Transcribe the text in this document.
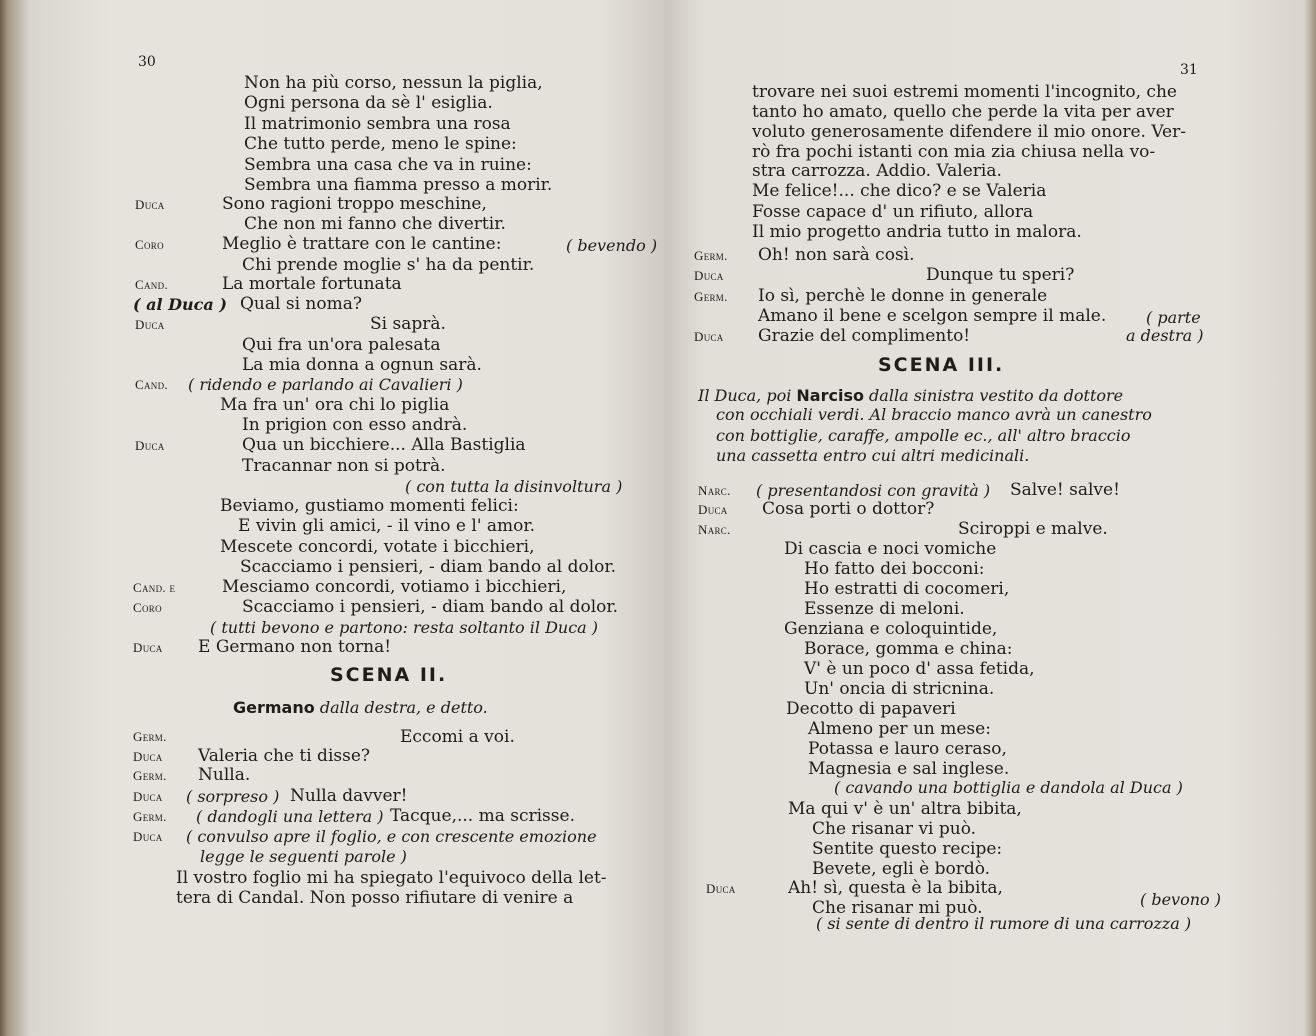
30
Non ha più corso, nessun la piglia,
Ogni persona da sè l' esiglia.
Il matrimonio sembra una rosa
Che tutto perde, meno le spine:
Sembra una casa che va in ruine:
Sembra una fiamma presso a morir.
Duca	Sono ragioni troppo meschine,
Che non mi fanno che divertir.
Coro	Meglio è trattare con le cantine:	( bevendo )
Chi prende moglie s' ha da pentir.
Cand.	La mortale fortunata
( al Duca ) Qual si noma?
Duca	Si saprà.
Qui fra un'ora palesata
La mia donna a ognun sarà.
Cand. ( ridendo e parlando ai Cavalieri )
Ma fra un' ora chi lo piglia
In prigion con esso andrà.
Duca	Qua un bicchiere... Alla Bastiglia
Tracannar non si potrà.
( con tutta la disinvoltura )
Beviamo, gustiamo momenti felici:
E vivin gli amici, - il vino e l' amor.
Mescete concordi, votate i bicchieri,
Scacciamo i pensieri, - diam bando al dolor.
Cand. e	Mesciamo concordi, votiamo i bicchieri,
Coro	Scacciamo i pensieri, - diam bando al dolor.
( tutti bevono e partono: resta soltanto il Duca )
Duca E Germano non torna!
SCENA II.
Germano dalla destra, e detto.
Germ.	Eccomi a voi.
Duca Valeria che ti disse?
Germ. Nulla.
Duca ( sorpreso ) Nulla davver!
Germ. ( dandogli una lettera ) Tacque,... ma scrisse.
Duca ( convulso apre il foglio, e con crescente emozione
legge le seguenti parole )
Il vostro foglio mi ha spiegato l'equivoco della let-
tera di Candal. Non posso rifiutare di venire a
31
trovare nei suoi estremi momenti l'incognito, che
tanto ho amato, quello che perde la vita per aver
voluto generosamente difendere il mio onore. Ver-
rò fra pochi istanti con mia zia chiusa nella vo-
stra carrozza. Addio. Valeria.
Me felice!... che dico? e se Valeria
Fosse capace d' un rifiuto, allora
Il mio progetto andria tutto in malora.
Germ. Oh! non sarà così.
Duca	Dunque tu speri?
Germ. Io sì, perchè le donne in generale
Amano il bene e scelgon sempre il male. ( parte
Duca Grazie del complimento!	a destra )
SCENA III.
Il Duca, poi Narciso dalla sinistra vestito da dottore
con occhiali verdi. Al braccio manco avrà un canestro
con bottiglie, caraffe, ampolle ec., all' altro braccio
una cassetta entro cui altri medicinali.
Narc. ( presentandosi con gravità ) Salve! salve!
Duca Cosa porti o dottor?
Narc.	Sciroppi e malve.
Di cascia e noci vomiche
Ho fatto dei bocconi:
Ho estratti di cocomeri,
Essenze di meloni.
Genziana e coloquintide,
Borace, gomma e china:
V' è un poco d' assa fetida,
Un' oncia di stricnina.
Decotto di papaveri
Almeno per un mese:
Potassa e lauro ceraso,
Magnesia e sal inglese.
( cavando una bottiglia e dandola al Duca )
Ma qui v' è un' altra bibita,
Che risanar vi può.
Sentite questo recipe:
Bevete, egli è bordò.
Duca	Ah! sì, questa è la bibita,
Che risanar mi può.	( bevono )
( si sente di dentro il rumore di una carrozza )
